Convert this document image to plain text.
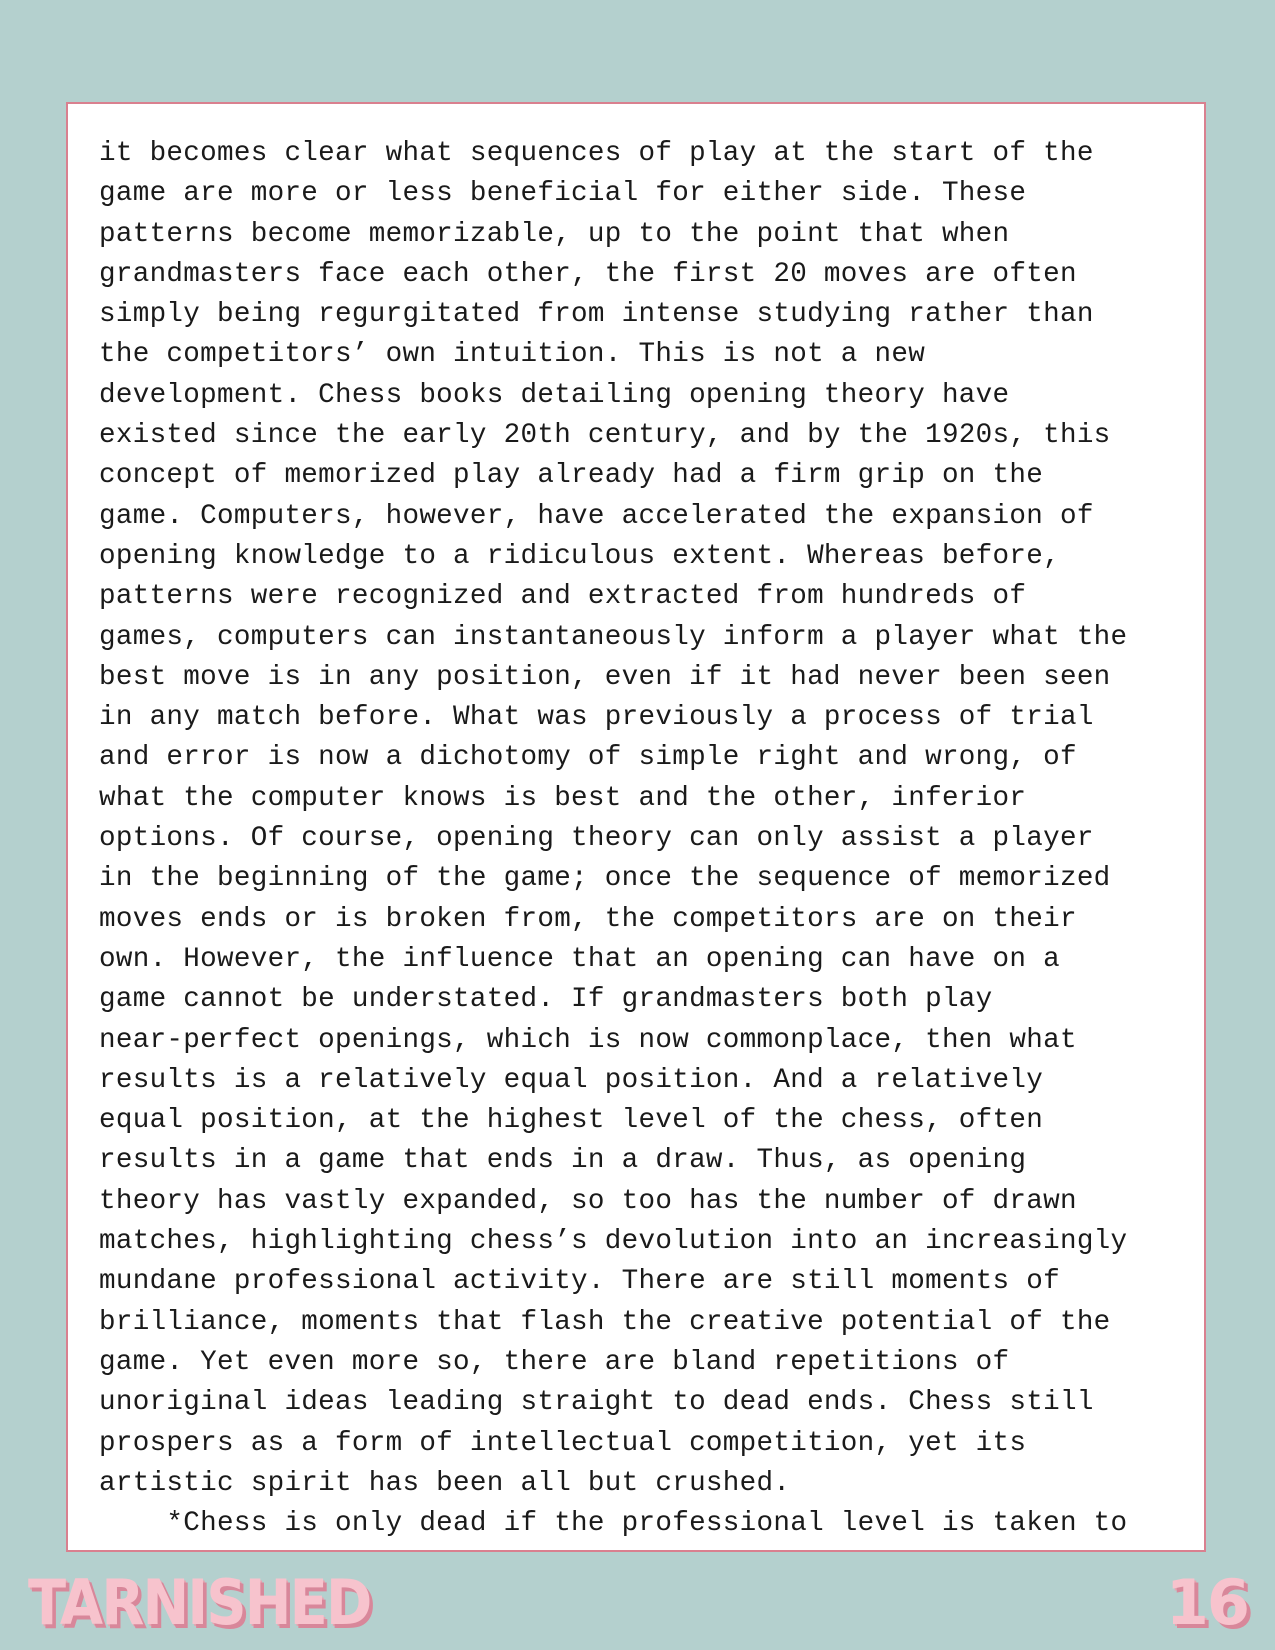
it becomes clear what sequences of play at the start of the
game are more or less beneficial for either side. These
patterns become memorizable, up to the point that when
grandmasters face each other, the first 20 moves are often
simply being regurgitated from intense studying rather than
the competitors’ own intuition. This is not a new
development. Chess books detailing opening theory have
existed since the early 20th century, and by the 1920s, this
concept of memorized play already had a firm grip on the
game. Computers, however, have accelerated the expansion of
opening knowledge to a ridiculous extent. Whereas before,
patterns were recognized and extracted from hundreds of
games, computers can instantaneously inform a player what the
best move is in any position, even if it had never been seen
in any match before. What was previously a process of trial
and error is now a dichotomy of simple right and wrong, of
what the computer knows is best and the other, inferior
options. Of course, opening theory can only assist a player
in the beginning of the game; once the sequence of memorized
moves ends or is broken from, the competitors are on their
own. However, the influence that an opening can have on a
game cannot be understated. If grandmasters both play
near-perfect openings, which is now commonplace, then what
results is a relatively equal position. And a relatively
equal position, at the highest level of the chess, often
results in a game that ends in a draw. Thus, as opening
theory has vastly expanded, so too has the number of drawn
matches, highlighting chess’s devolution into an increasingly
mundane professional activity. There are still moments of
brilliance, moments that flash the creative potential of the
game. Yet even more so, there are bland repetitions of
unoriginal ideas leading straight to dead ends. Chess still
prospers as a form of intellectual competition, yet its
artistic spirit has been all but crushed.
*Chess is only dead if the professional level is taken to
TARNISHED	16
